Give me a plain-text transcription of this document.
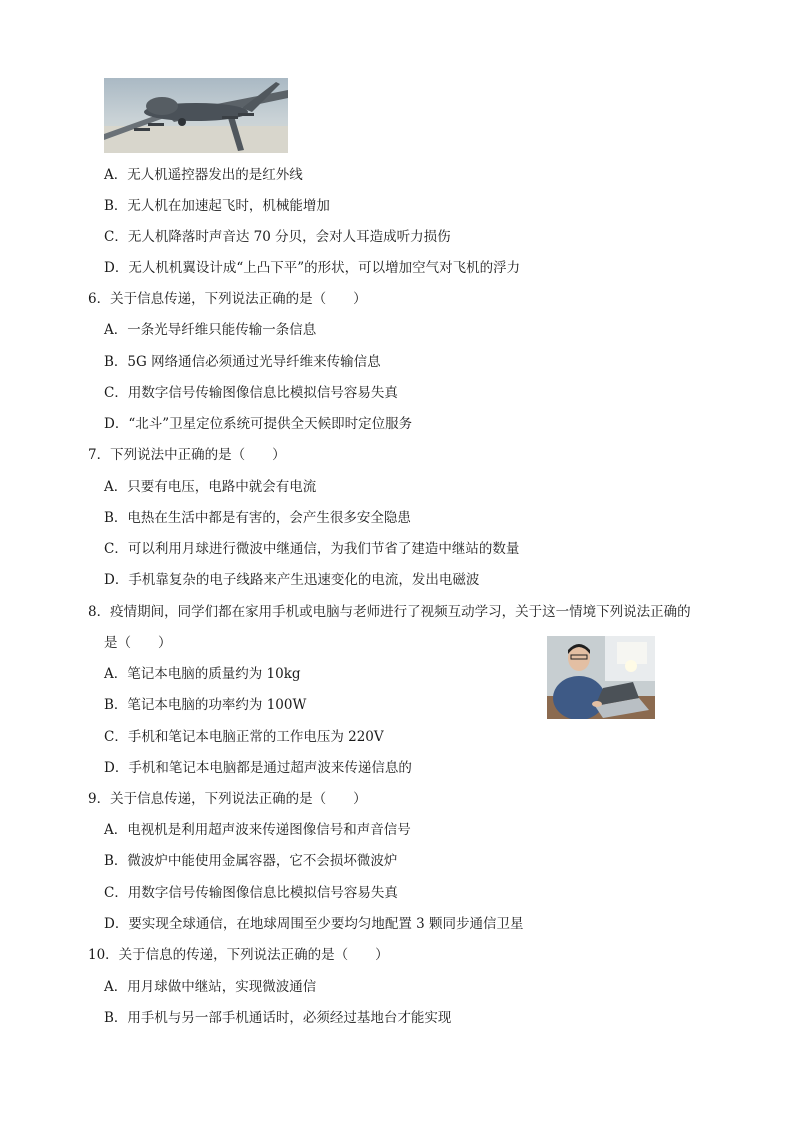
A．无人机遥控器发出的是红外线
B．无人机在加速起飞时，机械能增加
C．无人机降落时声音达 70 分贝，会对人耳造成听力损伤
D．无人机机翼设计成“上凸下平”的形状，可以增加空气对飞机的浮力
6．关于信息传递，下列说法正确的是（　　）
A．一条光导纤维只能传输一条信息
B．5G 网络通信必须通过光导纤维来传输信息
C．用数字信号传输图像信息比模拟信号容易失真
D．“北斗”卫星定位系统可提供全天候即时定位服务
7．下列说法中正确的是（　　）
A．只要有电压，电路中就会有电流
B．电热在生活中都是有害的，会产生很多安全隐患
C．可以利用月球进行微波中继通信，为我们节省了建造中继站的数量
D．手机靠复杂的电子线路来产生迅速变化的电流，发出电磁波
8．疫情期间，同学们都在家用手机或电脑与老师进行了视频互动学习，关于这一情境下列说法正确的
是（　　）
A．笔记本电脑的质量约为 10kg
B．笔记本电脑的功率约为 100W
C．手机和笔记本电脑正常的工作电压为 220V
D．手机和笔记本电脑都是通过超声波来传递信息的
9．关于信息传递，下列说法正确的是（　　）
A．电视机是利用超声波来传递图像信号和声音信号
B．微波炉中能使用金属容器，它不会损坏微波炉
C．用数字信号传输图像信息比模拟信号容易失真
D．要实现全球通信，在地球周围至少要均匀地配置 3 颗同步通信卫星
10．关于信息的传递，下列说法正确的是（　　）
A．用月球做中继站，实现微波通信
B．用手机与另一部手机通话时，必须经过基地台才能实现
